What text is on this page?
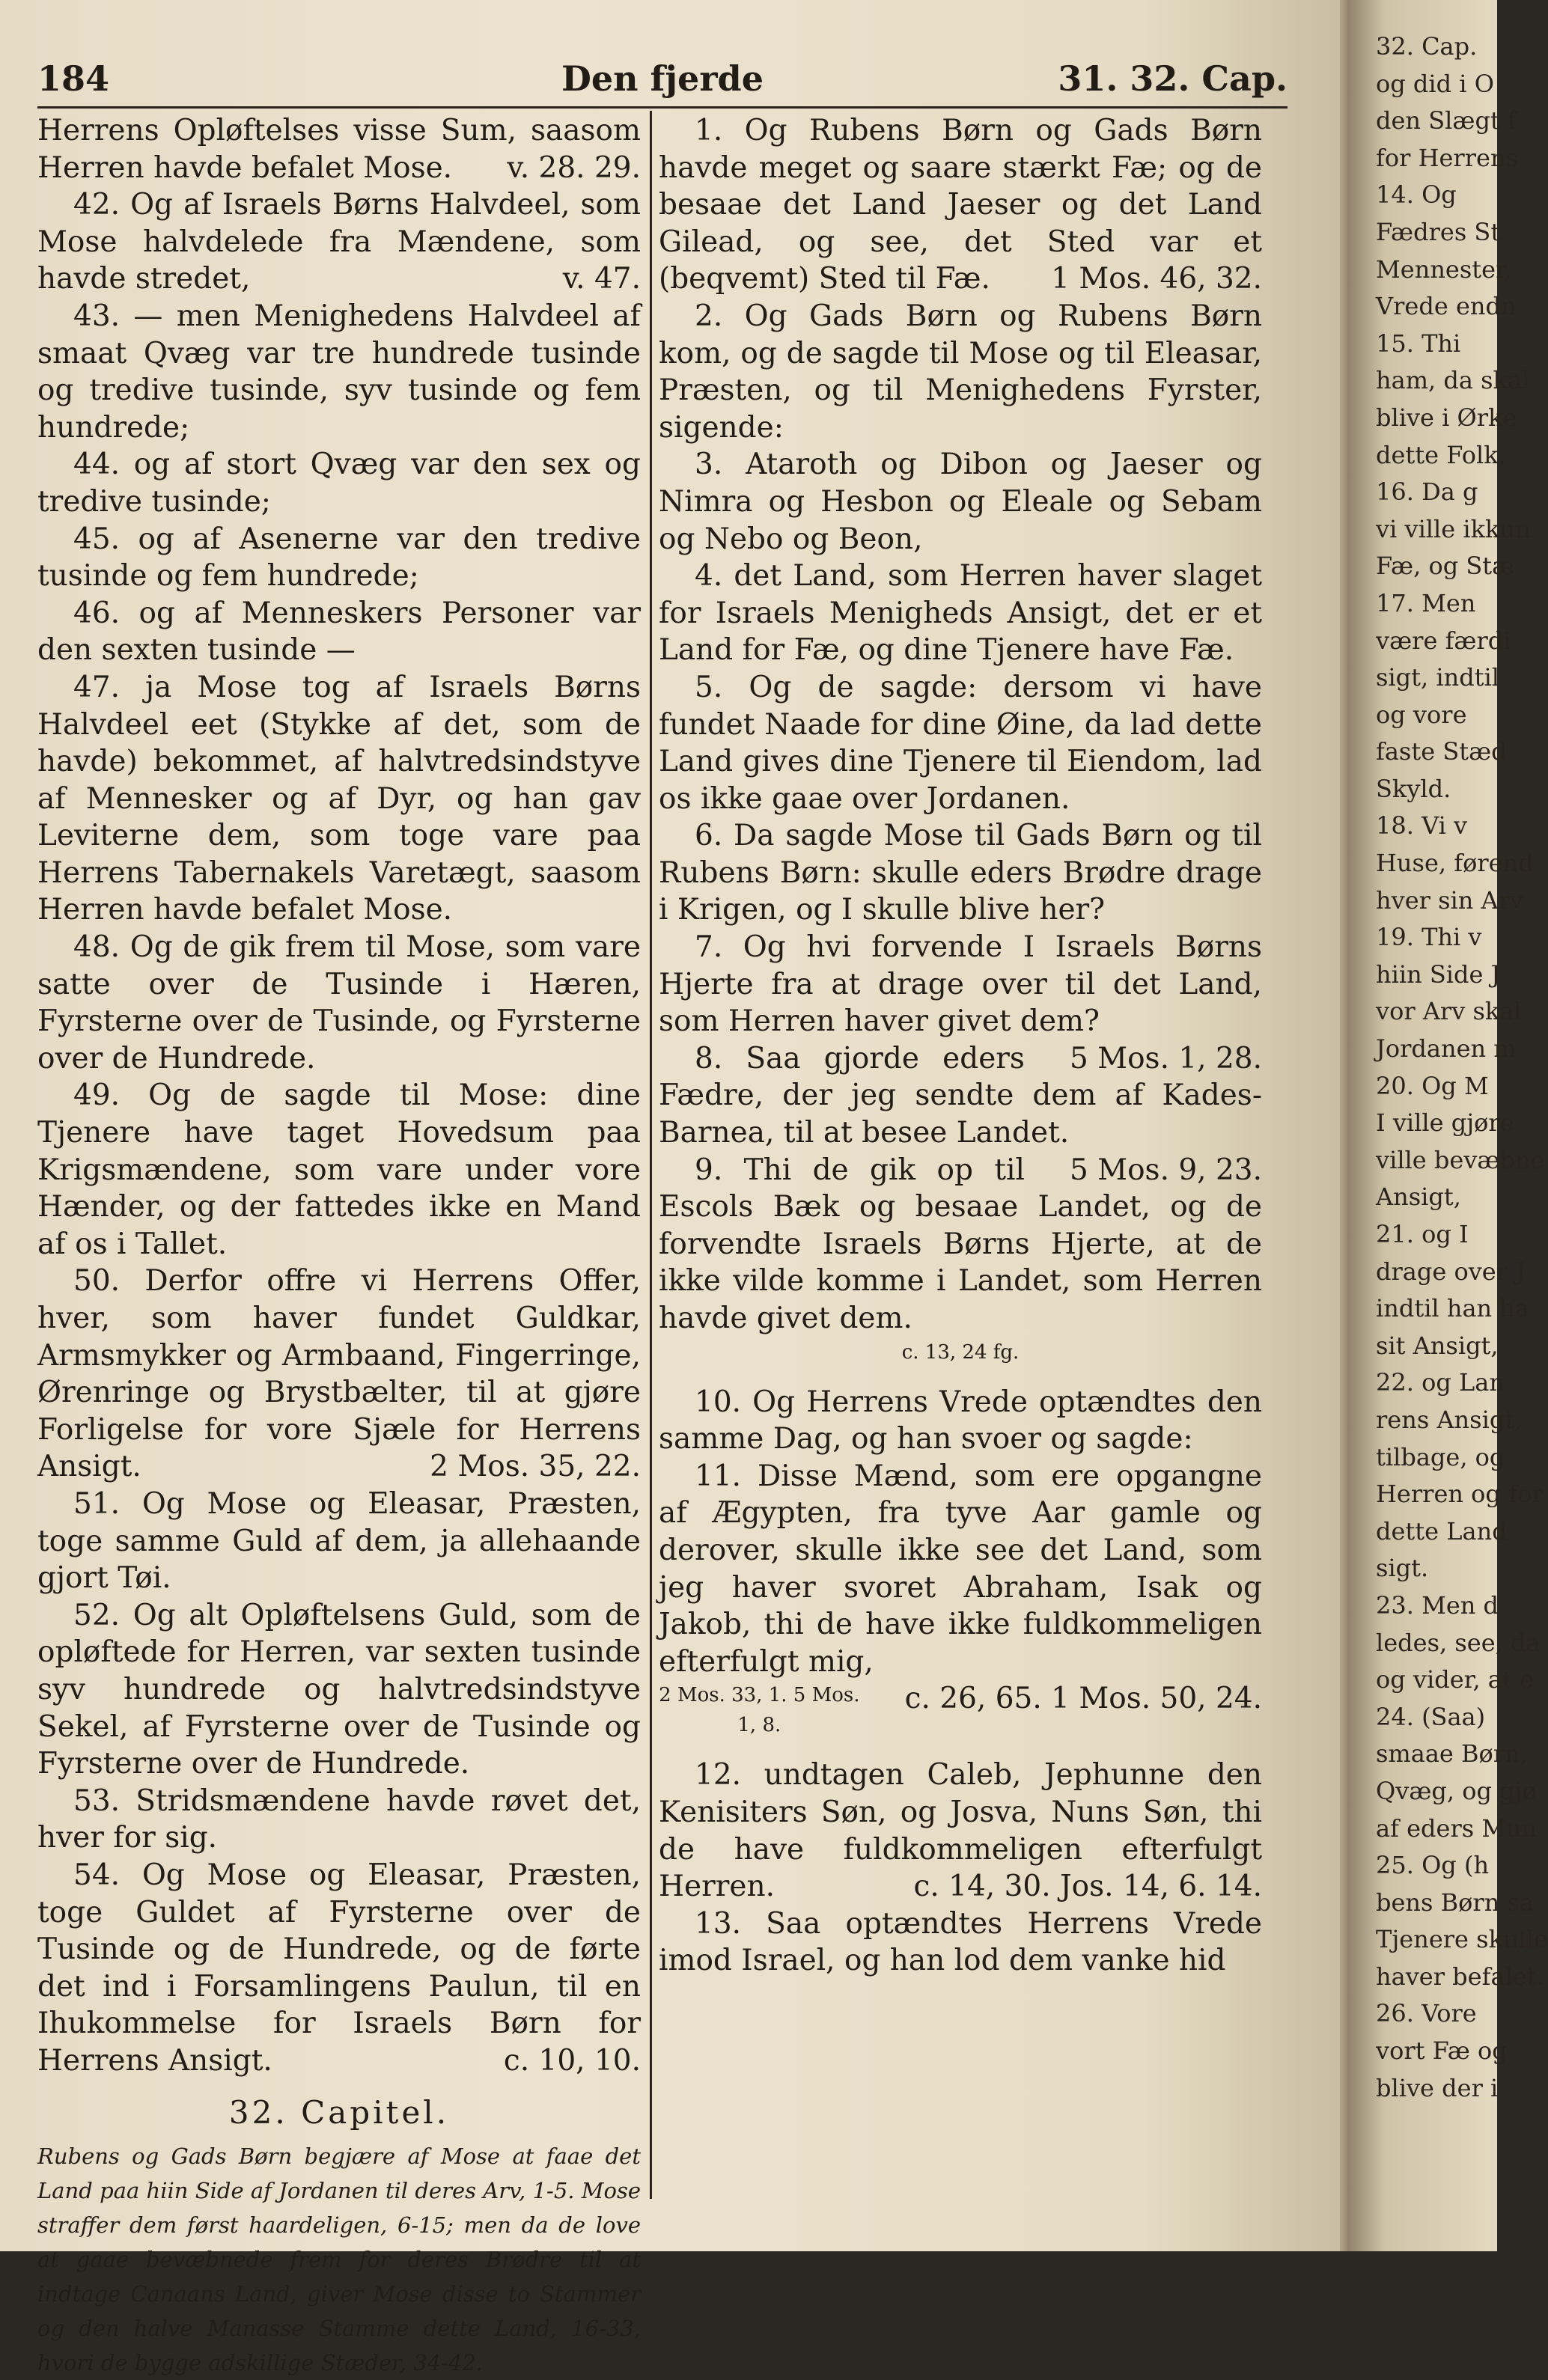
184	Den fjerde	31. 32. Cap.

Herrens Opløftelses visse Sum, saasom Herren havde befalet Mose.	v. 28. 29.

42. Og af Israels Børns Halvdeel, som Mose halvdelede fra Mændene, som havde stredet,	v. 47.

43. — men Menighedens Halvdeel af smaat Qvæg var tre hundrede tusinde og tredive tusinde, syv tusinde og fem hundrede;

44. og af stort Qvæg var den sex og tredive tusinde;

45. og af Asenerne var den tredive tusinde og fem hundrede;

46. og af Menneskers Personer var den sexten tusinde —

47. ja Mose tog af Israels Børns Halvdeel eet (Stykke af det, som de havde) bekommet, af halvtredsindstyve af Mennesker og af Dyr, og han gav Leviterne dem, som toge vare paa Herrens Tabernakels Varetægt, saasom Herren havde befalet Mose.

48. Og de gik frem til Mose, som vare satte over de Tusinde i Hæren, Fyrsterne over de Tusinde, og Fyrsterne over de Hundrede.

49. Og de sagde til Mose: dine Tjenere have taget Hovedsum paa Krigsmændene, som vare under vore Hænder, og der fattedes ikke en Mand af os i Tallet.

50. Derfor offre vi Herrens Offer, hver, som haver fundet Guldkar, Armsmykker og Armbaand, Fingerringe, Ørenringe og Brystbælter, til at gjøre Forligelse for vore Sjæle for Herrens Ansigt.	2 Mos. 35, 22.

51. Og Mose og Eleasar, Præsten, toge samme Guld af dem, ja allehaande gjort Tøi.

52. Og alt Opløftelsens Guld, som de opløftede for Herren, var sexten tusinde syv hundrede og halvtredsindstyve Sekel, af Fyrsterne over de Tusinde og Fyrsterne over de Hundrede.

53. Stridsmændene havde røvet det, hver for sig.

54. Og Mose og Eleasar, Præsten, toge Guldet af Fyrsterne over de Tusinde og de Hundrede, og de førte det ind i Forsamlingens Paulun, til en Ihukommelse for Israels Børn for Herrens Ansigt.	c. 10, 10.

32. Capitel.

Rubens og Gads Børn begjære af Mose at faae det Land paa hiin Side af Jordanen til deres Arv, 1-5. Mose straffer dem først haardeligen, 6-15; men da de love at gaae bevæbnede frem for deres Brødre til at indtage Canaans Land, giver Mose disse to Stammer og den halve Manasse Stamme dette Land, 16-33, hvori de bygge adskillige Stæder, 34-42.

1. Og Rubens Børn og Gads Børn havde meget og saare stærkt Fæ; og de besaae det Land Jaeser og det Land Gilead, og see, det Sted var et (beqvemt) Sted til Fæ.	1 Mos. 46, 32.

2. Og Gads Børn og Rubens Børn kom, og de sagde til Mose og til Eleasar, Præsten, og til Menighedens Fyrster, sigende:

3. Ataroth og Dibon og Jaeser og Nimra og Hesbon og Eleale og Sebam og Nebo og Beon,

4. det Land, som Herren haver slaget for Israels Menigheds Ansigt, det er et Land for Fæ, og dine Tjenere have Fæ.

5. Og de sagde: dersom vi have fundet Naade for dine Øine, da lad dette Land gives dine Tjenere til Eiendom, lad os ikke gaae over Jordanen.

6. Da sagde Mose til Gads Børn og til Rubens Børn: skulle eders Brødre drage i Krigen, og I skulle blive her?

7. Og hvi forvende I Israels Børns Hjerte fra at drage over til det Land, som Herren haver givet dem?
5 Mos. 1, 28.

8. Saa gjorde eders Fædre, der jeg sendte dem af Kades-Barnea, til at besee Landet.
5 Mos. 9, 23.

9. Thi de gik op til Escols Bæk og besaae Landet, og de forvendte Israels Børns Hjerte, at de ikke vilde komme i Landet, som Herren havde givet dem.

c. 13, 24 fg.

10. Og Herrens Vrede optændtes den samme Dag, og han svoer og sagde:

11. Disse Mænd, som ere opgangne af Ægypten, fra tyve Aar gamle og derover, skulle ikke see det Land, som jeg haver svoret Abraham, Isak og Jakob, thi de have ikke fuldkommeligen efterfulgt mig,
c. 26, 65. 1 Mos. 50, 24.

2 Mos. 33, 1. 5 Mos. 1, 8.

12. undtagen Caleb, Jephunne den Kenisiters Søn, og Josva, Nuns Søn, thi de have fuldkommeligen efterfulgt Herren.	c. 14, 30. Jos. 14, 6. 14.

13. Saa optændtes Herrens Vrede imod Israel, og han lod dem vanke hid

32. Cap.

og did i O

den Slægt f

for Herrens

14. Og

Fædres St

Mennester,

Vrede endn

15. Thi

ham, da skal

blive i Ørke

dette Folk.

16. Da g

vi ville ikkun

Fæ, og Stæ

17. Men

være færdi

sigt, indtil

og vore

faste Stæd

Skyld.

18. Vi v

Huse, førend

hver sin Arv

19. Thi v

hiin Side J

vor Arv skal

Jordanen m

20. Og M

I ville gjøre

ville bevæbne

Ansigt,

21. og I

drage over J

indtil han ha

sit Ansigt,

22. og Lan

rens Ansigt,

tilbage, og

Herren og for

dette Land

sigt.

23. Men d

ledes, see, da

og vider, at e

24. (Saa)

smaae Børn,

Qvæg, og gjø

af eders Mun

25. Og (h

bens Børn sa

Tjenere skulle

haver befalet.

26. Vore

vort Fæ og

blive der i
